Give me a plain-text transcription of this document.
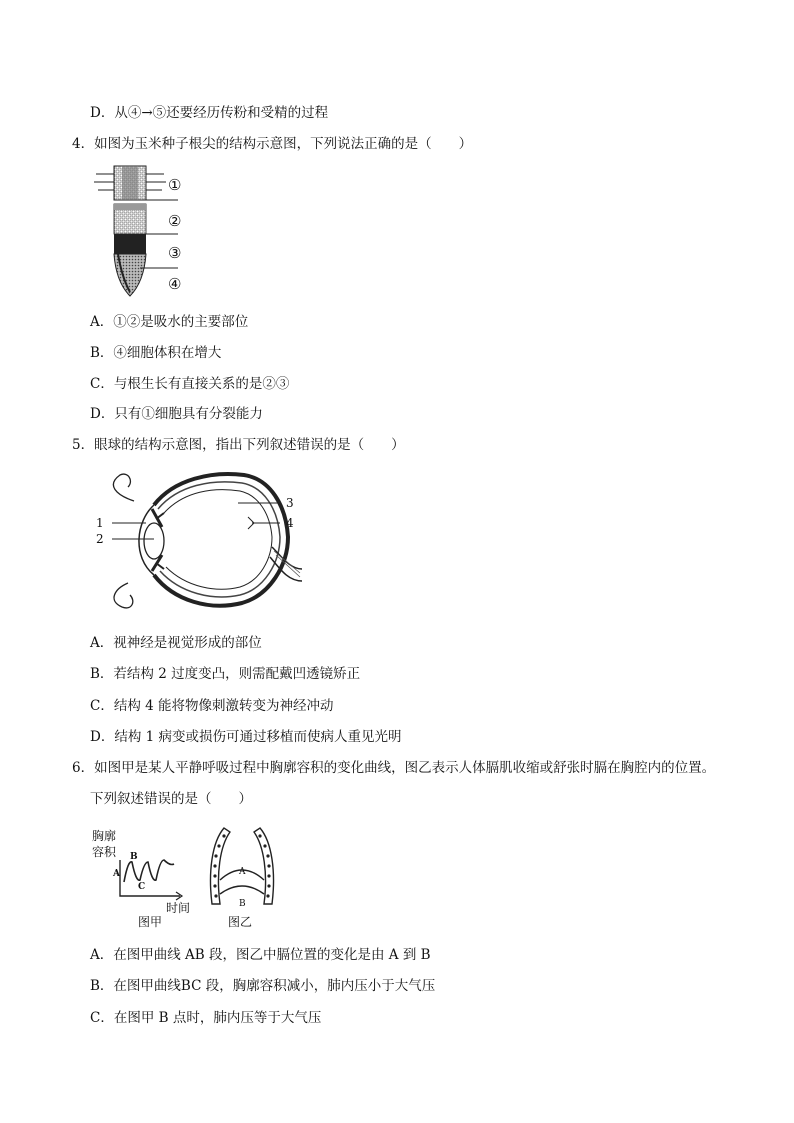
D．从④→⑤还要经历传粉和受精的过程
4．如图为玉米种子根尖的结构示意图，下列说法正确的是（　　）
①
②
③
④
A．①②是吸水的主要部位
B．④细胞体积在增大
C．与根生长有直接关系的是②③
D．只有①细胞具有分裂能力
5．眼球的结构示意图，指出下列叙述错误的是（　　）
1
2
3
4
A．视神经是视觉形成的部位
B．若结构 2 过度变凸，则需配戴凹透镜矫正
C．结构 4 能将物像刺激转变为神经冲动
D．结构 1 病变或损伤可通过移植而使病人重见光明
6．如图甲是某人平静呼吸过程中胸廓容积的变化曲线，图乙表示人体膈肌收缩或舒张时膈在胸腔内的位置。
下列叙述错误的是（　　）
胸廓
容积
A
B
C
时间
图甲
A
B
图乙
A．在图甲曲线 AB 段，图乙中膈位置的变化是由 A 到 B
B．在图甲曲线BC 段，胸廓容积减小，肺内压小于大气压
C．在图甲 B 点时，肺内压等于大气压
